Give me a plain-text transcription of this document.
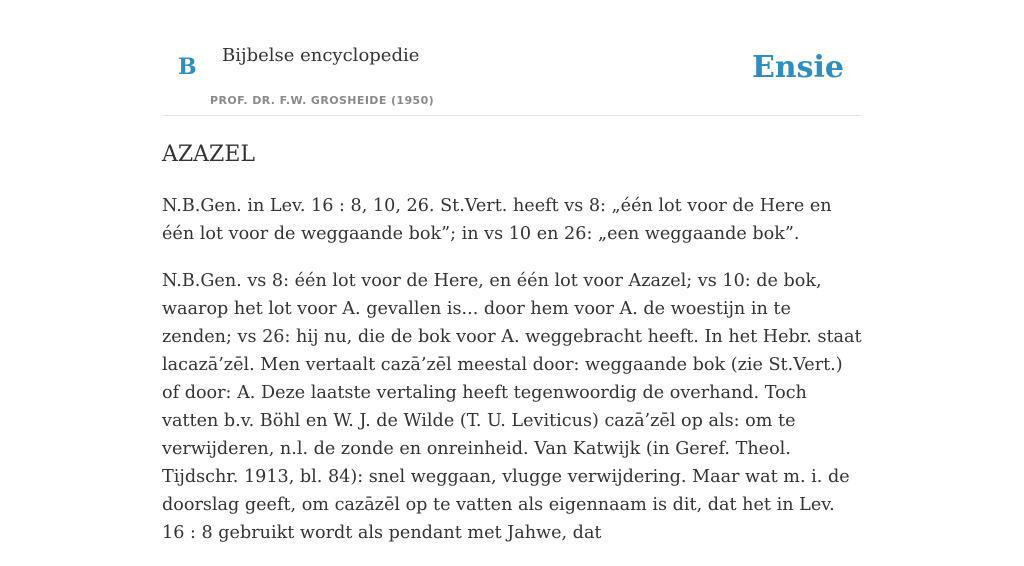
B Bijbelse encyclopedie
PROF. DR. F.W. GROSHEIDE (1950)
Ensie
AZAZEL

N.B.Gen. in Lev. 16 : 8, 10, 26. St.Vert. heeft vs 8: „één lot voor de Here en één lot voor de weggaande bok”; in vs 10 en 26: „een weggaande bok”.

N.B.Gen. vs 8: één lot voor de Here, en één lot voor Azazel; vs 10: de bok, waarop het lot voor A. gevallen is... door hem voor A. de woestijn in te zenden; vs 26: hij nu, die de bok voor A. weggebracht heeft. In het Hebr. staat lacazā’zēl. Men vertaalt cazā’zēl meestal door: weggaande bok (zie St.Vert.) of door: A. Deze laatste vertaling heeft tegenwoordig de overhand. Toch vatten b.v. Böhl en W. J. de Wilde (T. U. Leviticus) cazā’zēl op als: om te verwijderen, n.l. de zonde en onreinheid. Van Katwijk (in Geref. Theol. Tijdschr. 1913, bl. 84): snel weggaan, vlugge verwijdering. Maar wat m. i. de doorslag geeft, om cazāzēl op te vatten als eigennaam is dit, dat het in Lev. 16 : 8 gebruikt wordt als pendant met Jahwe, dat
